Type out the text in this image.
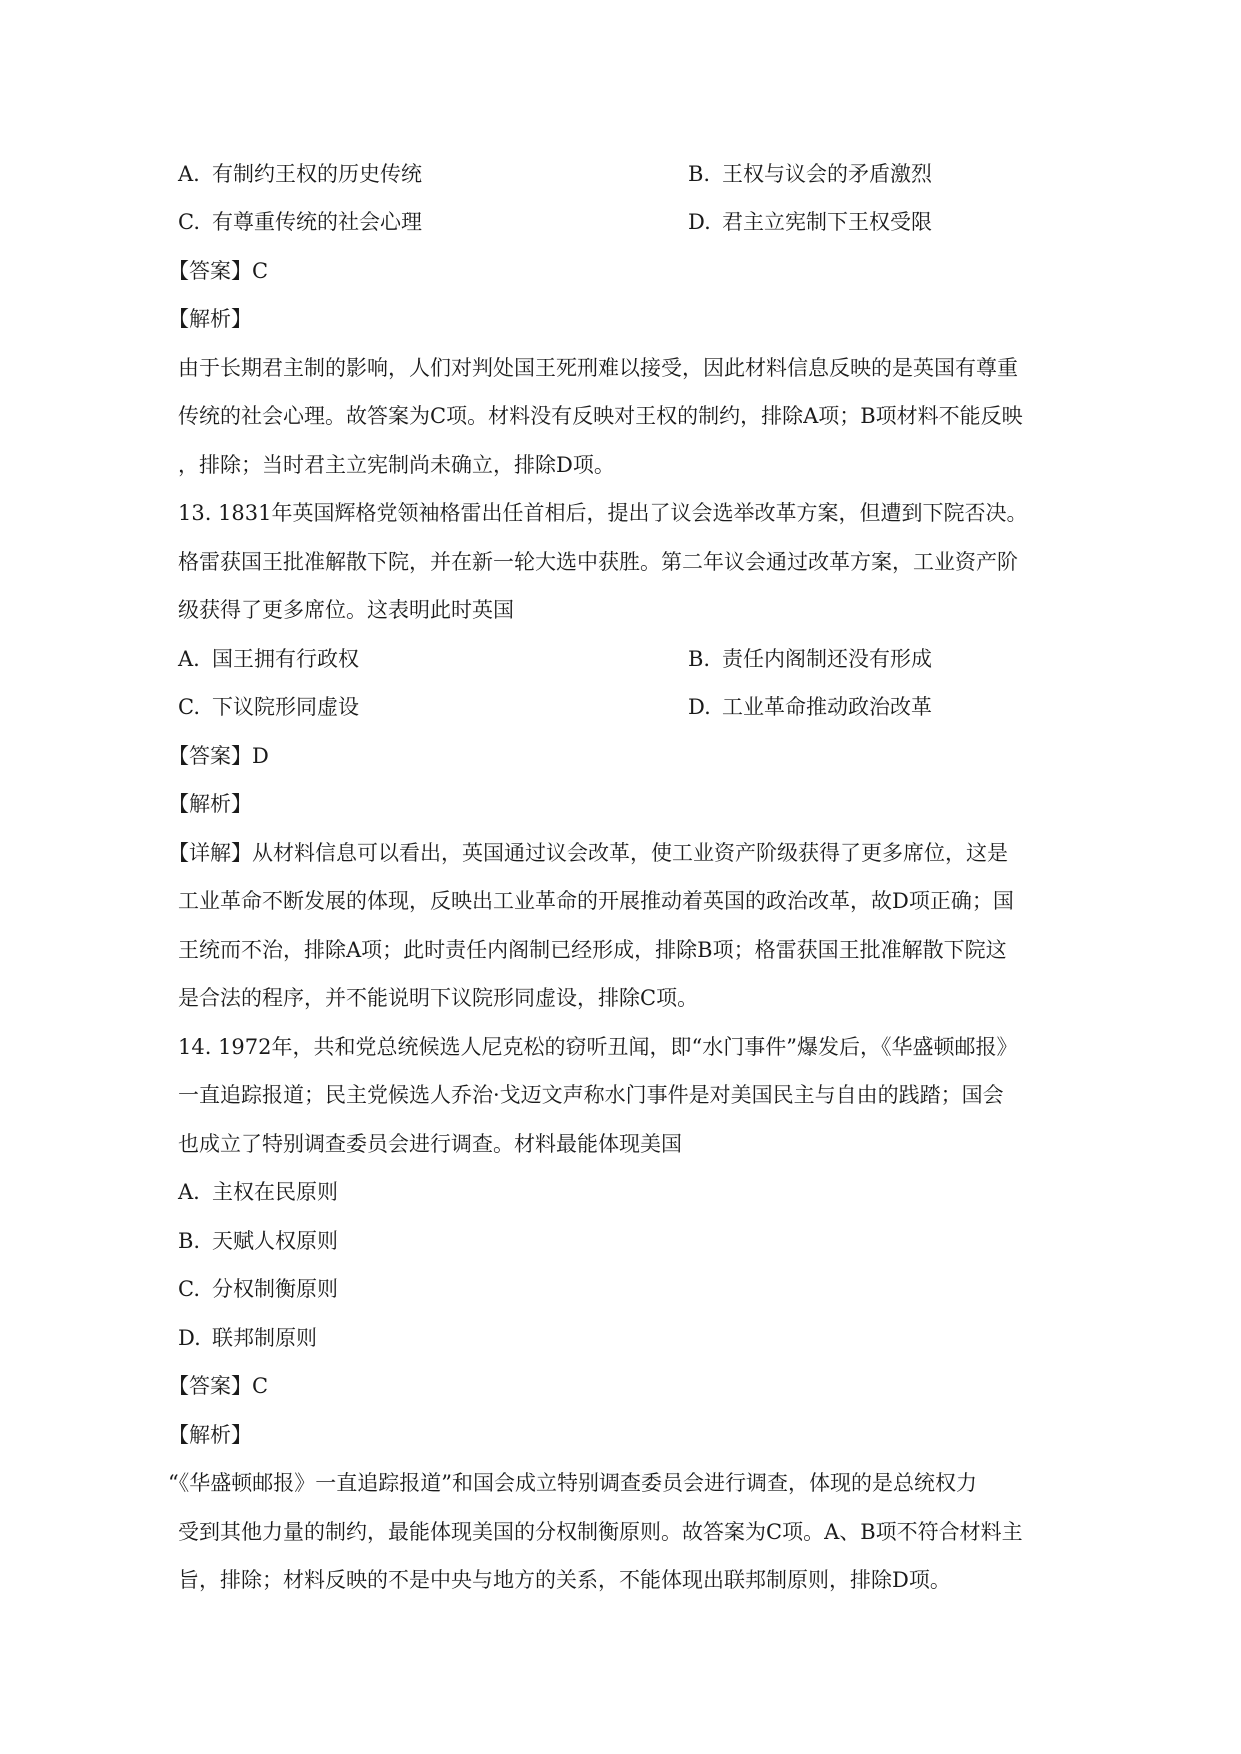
A. 有制约王权的历史传统	B. 王权与议会的矛盾激烈
C. 有尊重传统的社会心理	D. 君主立宪制下王权受限
【答案】C
【解析】
由于长期君主制的影响，人们对判处国王死刑难以接受，因此材料信息反映的是英国有尊重
传统的社会心理。故答案为C项。材料没有反映对王权的制约，排除A项；B项材料不能反映
，排除；当时君主立宪制尚未确立，排除D项。
13. 1831年英国辉格党领袖格雷出任首相后，提出了议会选举改革方案，但遭到下院否决。
格雷获国王批准解散下院，并在新一轮大选中获胜。第二年议会通过改革方案，工业资产阶
级获得了更多席位。这表明此时英国
A. 国王拥有行政权	B. 责任内阁制还没有形成
C. 下议院形同虚设	D. 工业革命推动政治改革
【答案】D
【解析】
【详解】从材料信息可以看出，英国通过议会改革，使工业资产阶级获得了更多席位，这是
工业革命不断发展的体现，反映出工业革命的开展推动着英国的政治改革，故D项正确；国
王统而不治，排除A项；此时责任内阁制已经形成，排除B项；格雷获国王批准解散下院这
是合法的程序，并不能说明下议院形同虚设，排除C项。
14. 1972年，共和党总统候选人尼克松的窃听丑闻，即“水门事件”爆发后，《华盛顿邮报》
一直追踪报道；民主党候选人乔治·戈迈文声称水门事件是对美国民主与自由的践踏；国会
也成立了特别调查委员会进行调查。材料最能体现美国
A. 主权在民原则
B. 天赋人权原则
C. 分权制衡原则
D. 联邦制原则
【答案】C
【解析】
“《华盛顿邮报》一直追踪报道”和国会成立特别调查委员会进行调查，体现的是总统权力
受到其他力量的制约，最能体现美国的分权制衡原则。故答案为C项。A、B项不符合材料主
旨，排除；材料反映的不是中央与地方的关系，不能体现出联邦制原则，排除D项。
